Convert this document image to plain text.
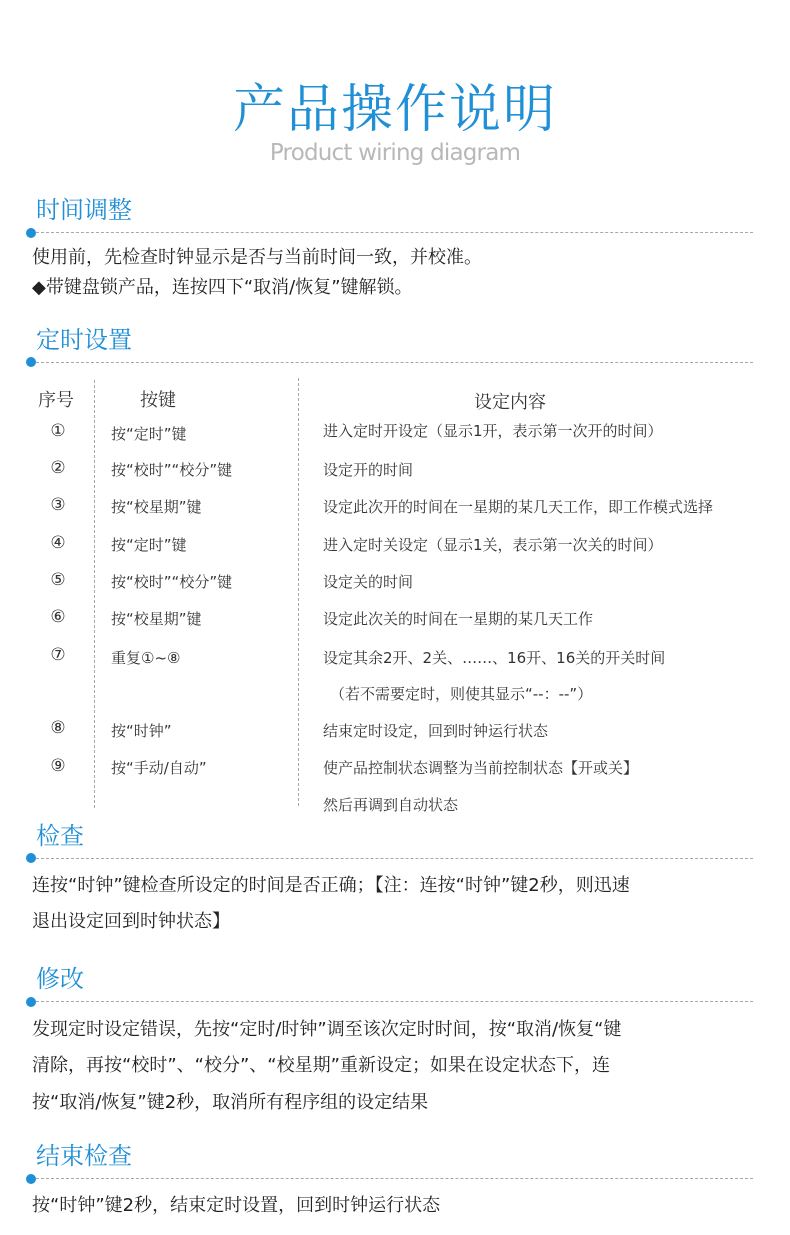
产品操作说明
Product wiring diagram
时间调整
使用前，先检查时钟显示是否与当前时间一致，并校准。
◆带键盘锁产品，连按四下“取消/恢复”键解锁。
定时设置
序号	按键	设定内容
①	按“定时”键	进入定时开设定（显示1开，表示第一次开的时间）
②	按“校时”“校分”键	设定开的时间
③	按“校星期”键	设定此次开的时间在一星期的某几天工作，即工作模式选择
④	按“定时”键	进入定时关设定（显示1关，表示第一次关的时间）
⑤	按“校时”“校分”键	设定关的时间
⑥	按“校星期”键	设定此次关的时间在一星期的某几天工作
⑦	重复①~⑧	设定其余2开、2关、……、16开、16关的开关时间
（若不需要定时，则使其显示“--：--”）
⑧	按“时钟”	结束定时设定，回到时钟运行状态
⑨	按“手动/自动”	使产品控制状态调整为当前控制状态【开或关】
然后再调到自动状态
检查
连按“时钟”键检查所设定的时间是否正确；【注：连按“时钟”键2秒，则迅速
退出设定回到时钟状态】
修改
发现定时设定错误，先按“定时/时钟”调至该次定时时间，按“取消/恢复“键
清除，再按“校时”、“校分”、“校星期”重新设定；如果在设定状态下，连
按“取消/恢复”键2秒，取消所有程序组的设定结果
结束检查
按“时钟”键2秒，结束定时设置，回到时钟运行状态
